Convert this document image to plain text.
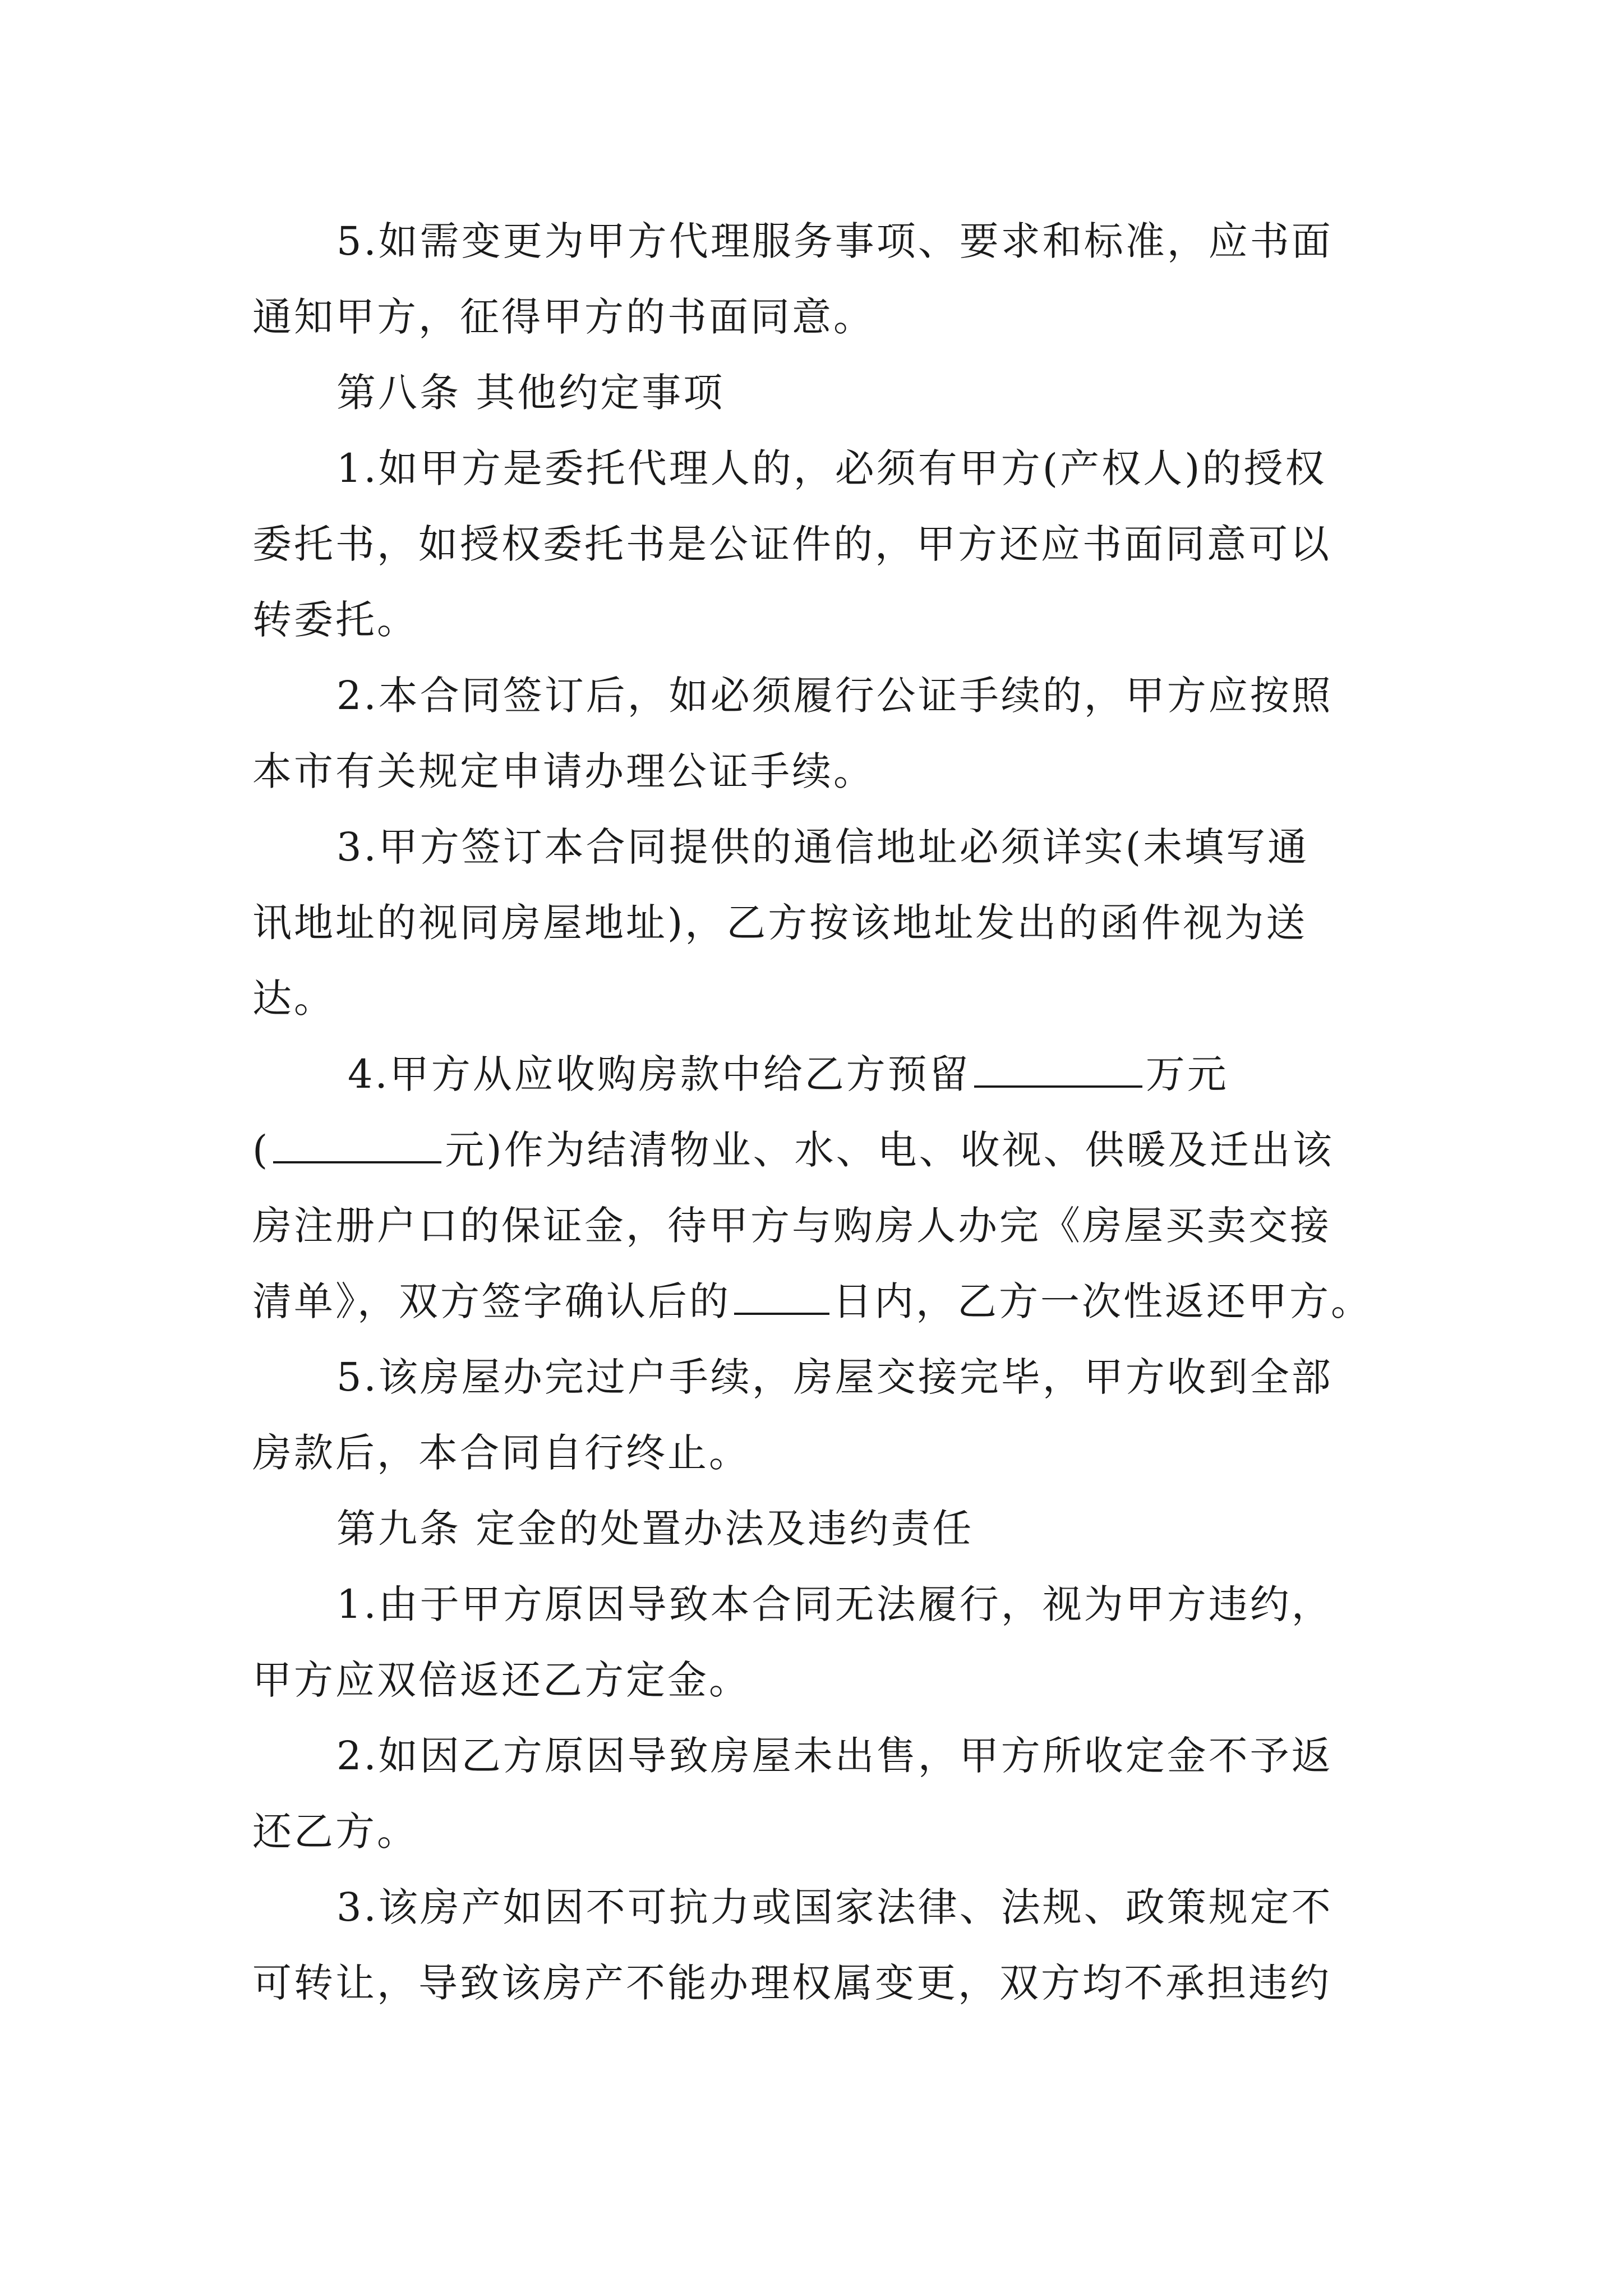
5.如需变更为甲方代理服务事项、要求和标准，应书面
通知甲方，征得甲方的书面同意。
第八条 其他约定事项
1.如甲方是委托代理人的，必须有甲方(产权人)的授权
委托书，如授权委托书是公证件的，甲方还应书面同意可以
转委托。
2.本合同签订后，如必须履行公证手续的，甲方应按照
本市有关规定申请办理公证手续。
3.甲方签订本合同提供的通信地址必须详实(未填写通
讯地址的视同房屋地址)，乙方按该地址发出的函件视为送
达。
4.甲方从应收购房款中给乙方预留	万元
(	元)作为结清物业、水、电、收视、供暖及迁出该
房注册户口的保证金，待甲方与购房人办完《房屋买卖交接
清单》，双方签字确认后的	日内，乙方一次性返还甲方。
5.该房屋办完过户手续，房屋交接完毕，甲方收到全部
房款后，本合同自行终止。
第九条 定金的处置办法及违约责任
1.由于甲方原因导致本合同无法履行，视为甲方违约，
甲方应双倍返还乙方定金。
2.如因乙方原因导致房屋未出售，甲方所收定金不予返
还乙方。
3.该房产如因不可抗力或国家法律、法规、政策规定不
可转让，导致该房产不能办理权属变更，双方均不承担违约
